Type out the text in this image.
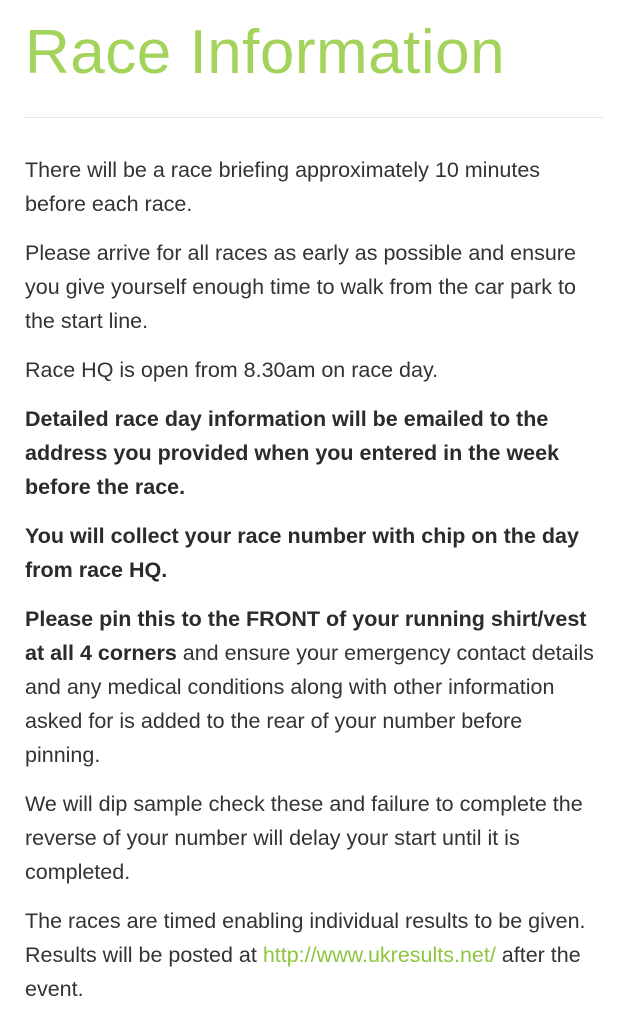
Race Information

There will be a race briefing approximately 10 minutes before each race.

Please arrive for all races as early as possible and ensure you give yourself enough time to walk from the car park to the start line.

Race HQ is open from 8.30am on race day.

Detailed race day information will be emailed to the address you provided when you entered in the week before the race.

You will collect your race number with chip on the day from race HQ.

Please pin this to the FRONT of your running shirt/vest at all 4 corners and ensure your emergency contact details and any medical conditions along with other information asked for is added to the rear of your number before pinning.

We will dip sample check these and failure to complete the reverse of your number will delay your start until it is completed.

The races are timed enabling individual results to be given. Results will be posted at http://www.ukresults.net/ after the event.
